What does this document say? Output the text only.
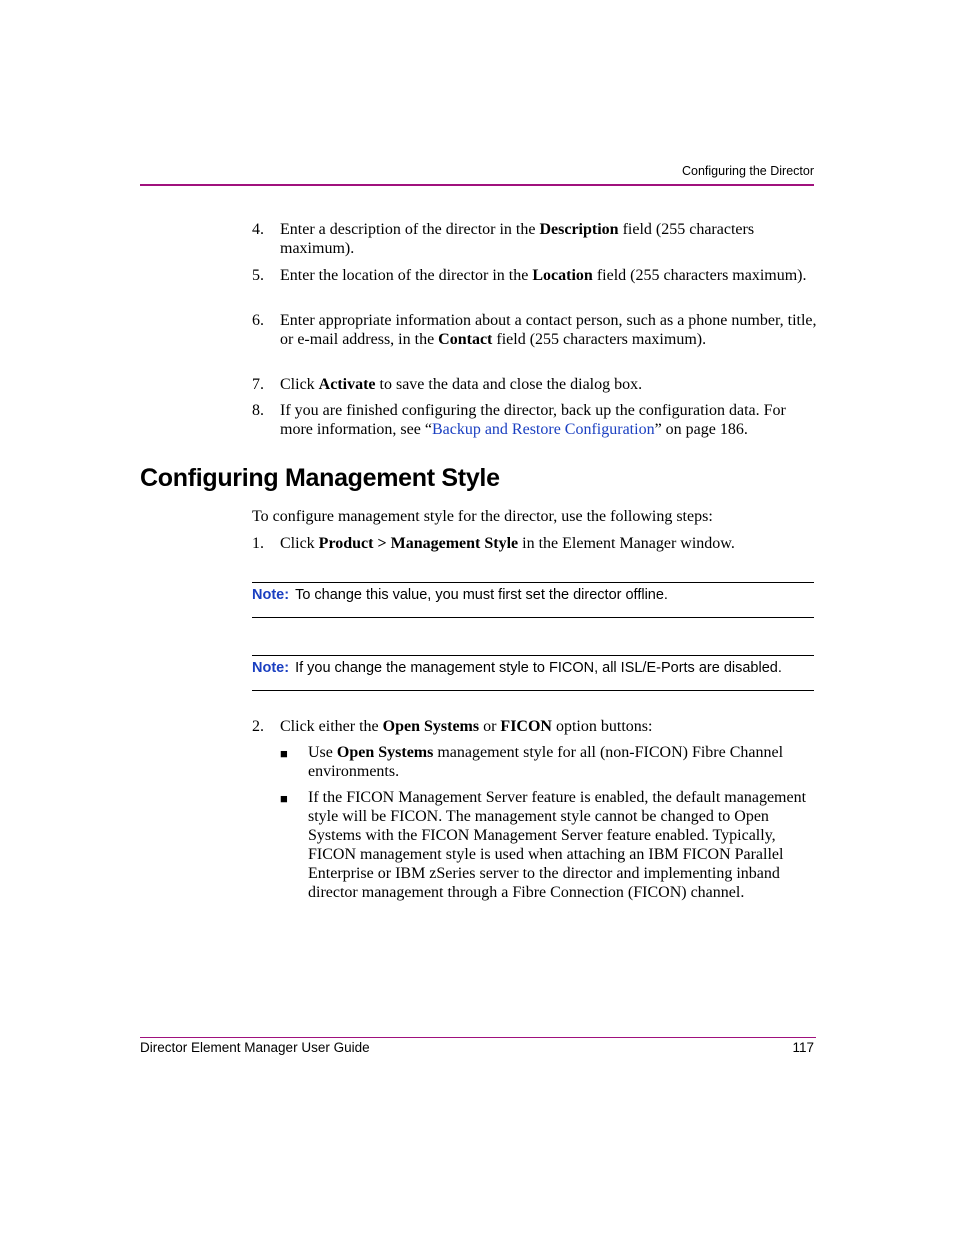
Configuring the Director
4. Enter a description of the director in the Description field (255 characters maximum).
5. Enter the location of the director in the Location field (255 characters maximum).
6. Enter appropriate information about a contact person, such as a phone number, title, or e-mail address, in the Contact field (255 characters maximum).
7. Click Activate to save the data and close the dialog box.
8. If you are finished configuring the director, back up the configuration data. For more information, see “Backup and Restore Configuration” on page 186.
Configuring Management Style
To configure management style for the director, use the following steps:
1. Click Product > Management Style in the Element Manager window.
Note: To change this value, you must first set the director offline.
Note: If you change the management style to FICON, all ISL/E-Ports are disabled.
2. Click either the Open Systems or FICON option buttons:
■ Use Open Systems management style for all (non-FICON) Fibre Channel environments.
■ If the FICON Management Server feature is enabled, the default management style will be FICON. The management style cannot be changed to Open Systems with the FICON Management Server feature enabled. Typically, FICON management style is used when attaching an IBM FICON Parallel Enterprise or IBM zSeries server to the director and implementing inband director management through a Fibre Connection (FICON) channel.
Director Element Manager User Guide	117
